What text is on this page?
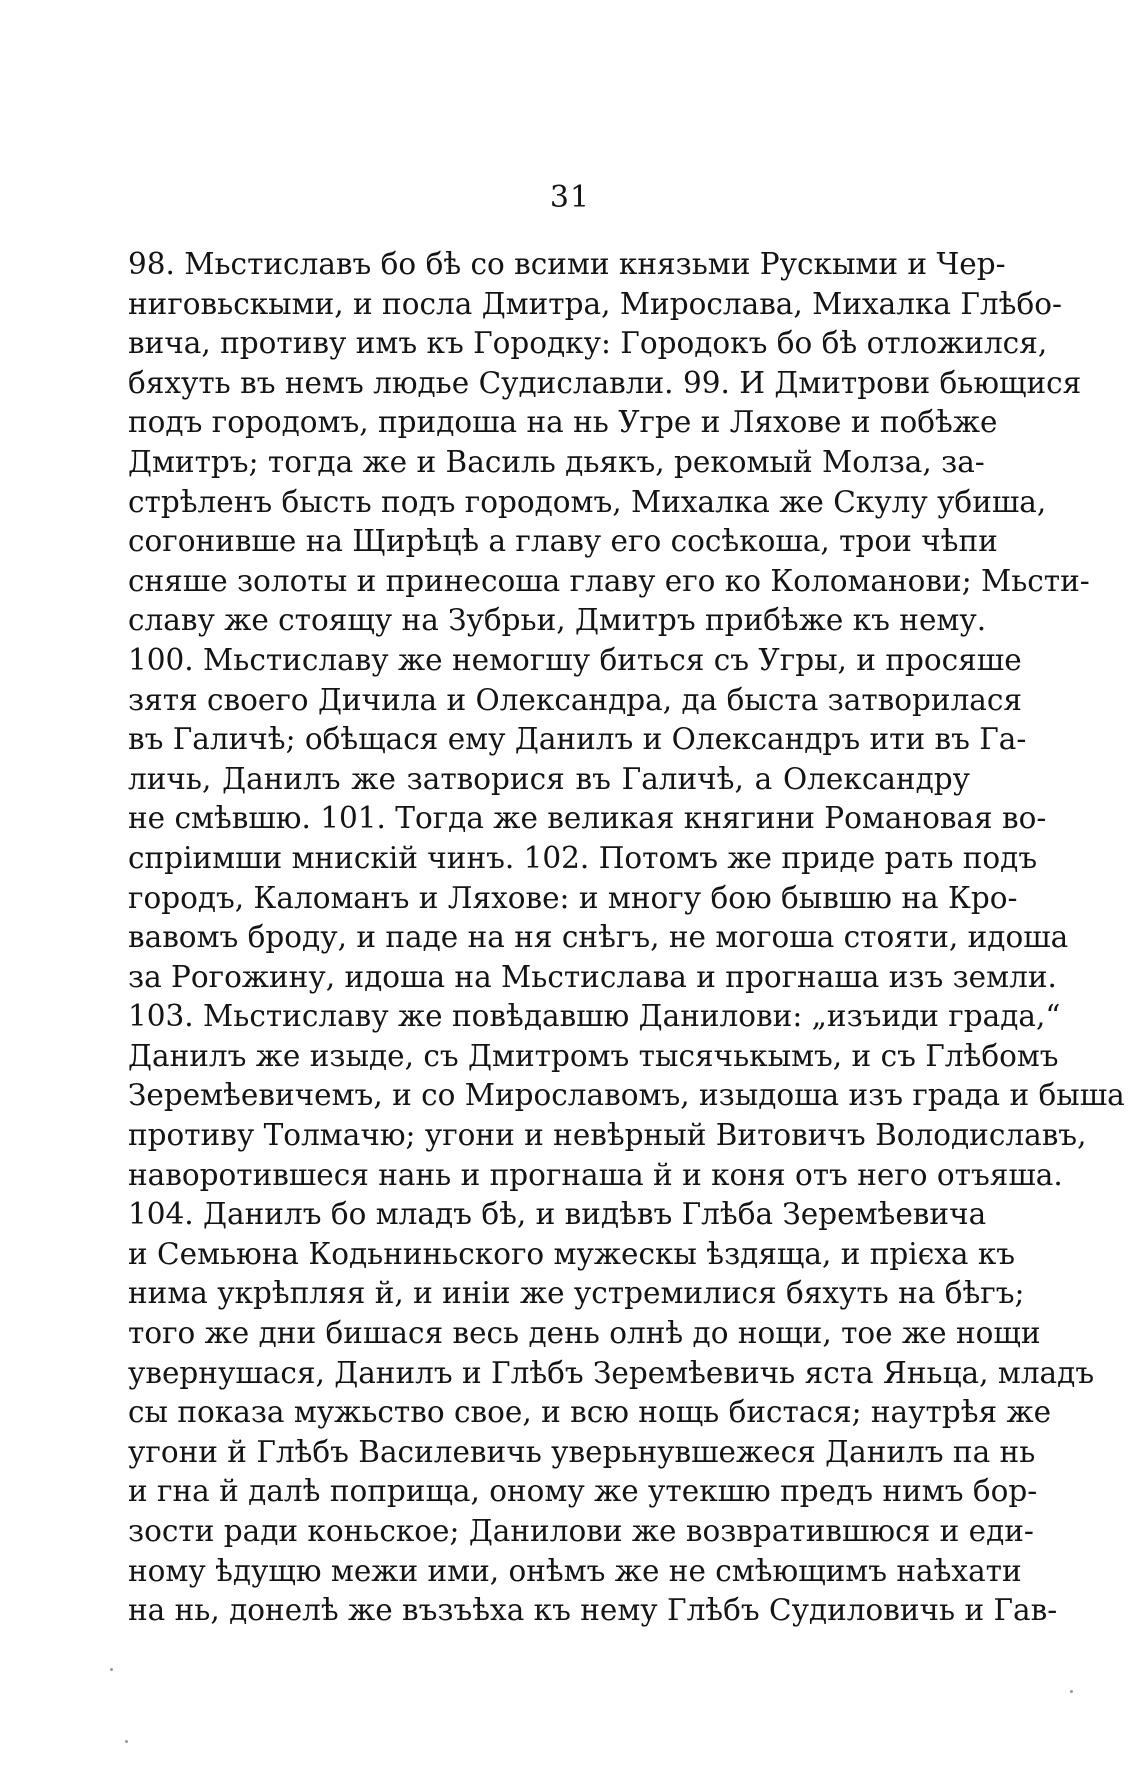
31
98. Мьстиславъ бо бѣ со всими князьми Рускыми и Чер-
ниговьскыми, и посла Дмитра, Мирослава, Михалка Глѣбо-
вича, противу имъ къ Городку: Городокъ бо бѣ отложился,
бяхуть въ немъ людье Судиславли. 99. И Дмитрови бьющися
подъ городомъ, придоша на нь Угре и Ляхове и побѣже
Дмитръ; тогда же и Василь дьякъ, рекомый Молза, за-
стрѣленъ бысть подъ городомъ, Михалка же Скулу убиша,
согонивше на Щирѣцѣ а главу его сосѣкоша, трои чѣпи
сняше золоты и принесоша главу его ко Коломанови; Мьсти-
славу же стоящу на Зубрьи, Дмитръ прибѣже къ нему.
100. Мьстиславу же немогшу биться съ Угры, и просяше
зятя своего Дичила и Олександра, да быста затворилася
въ Галичѣ; обѣщася ему Данилъ и Олександръ ити въ Га-
личь, Данилъ же затворися въ Галичѣ, а Олександру
не смѣвшю. 101. Тогда же великая княгини Романовая во-
спріимши мнискій чинъ. 102. Потомъ же приде рать подъ
городъ, Каломанъ и Ляхове: и многу бою бывшю на Кро-
вавомъ броду, и паде на ня снѣгъ, не могоша стояти, идоша
за Рогожину, идоша на Мьстислава и прогнаша изъ земли.
103. Мьстиславу же повѣдавшю Данилови: „изъиди града,“
Данилъ же изыде, съ Дмитромъ тысячькымъ, и съ Глѣбомъ
Зеремѣевичемъ, и со Мирославомъ, изыдоша изъ града и быша
противу Толмачю; угони и невѣрный Витовичъ Володиславъ,
наворотившеся нань и прогнаша й и коня отъ него отъяша.
104. Данилъ бо младъ бѣ, и видѣвъ Глѣба Зеремѣевича
и Семьюна Кодьниньского мужескы ѣздяща, и прієха къ
нима укрѣпляя й, и иніи же устремилися бяхуть на бѣгъ;
того же дни бишася весь день олнѣ до нощи, тое же нощи
увернушася, Данилъ и Глѣбъ Зеремѣевичь яста Яньца, младъ
сы показа мужьство свое, и всю нощь бистася; наутрѣя же
угони й Глѣбъ Василевичь уверьнувшежеся Данилъ па нь
и гна й далѣ поприща, оному же утекшю предъ нимъ бор-
зости ради коньское; Данилови же возвратившюся и еди-
ному ѣдущю межи ими, онѣмъ же не смѣющимъ наѣхати
на нь, донелѣ же възъѣха къ нему Глѣбъ Судиловичь и Гав-
